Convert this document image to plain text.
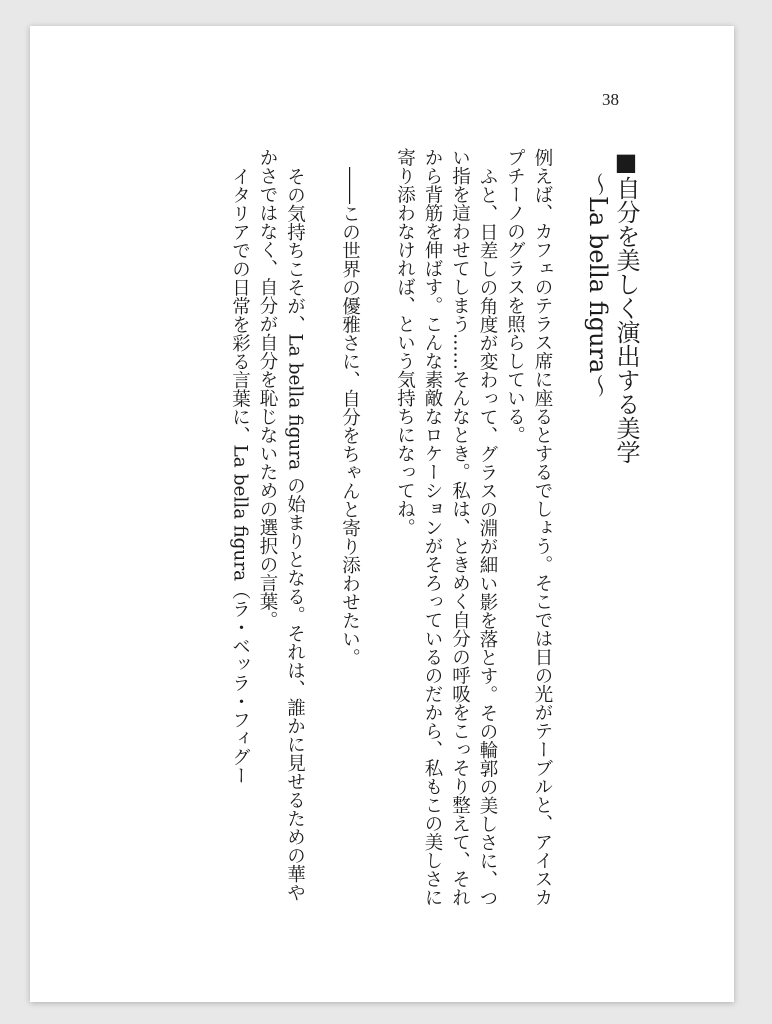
38

■自分を美しく演出する美学

～La bella figura～

例えば、カフェのテラス席に座るとするでしょう。そこでは日の光がテーブルと、アイスカプチーノのグラスを照らしている。

ふと、日差しの角度が変わって、グラスの淵が細い影を落とす。その輪郭の美しさに、つい指を這わせてしまう……そんなとき。私は、ときめく自分の呼吸をこっそり整えて、それから背筋を伸ばす。こんな素敵なロケーションがそろっているのだから、私もこの美しさに寄り添わなければ、という気持ちになってね。

――この世界の優雅さに、自分をちゃんと寄り添わせたい。

その気持ちこそが、La bella figura の始まりとなる。それは、誰かに見せるための華やかさではなく、自分が自分を恥じないための選択の言葉。

イタリアでの日常を彩る言葉に、La bella figura（ラ・ベッラ・フィグー
